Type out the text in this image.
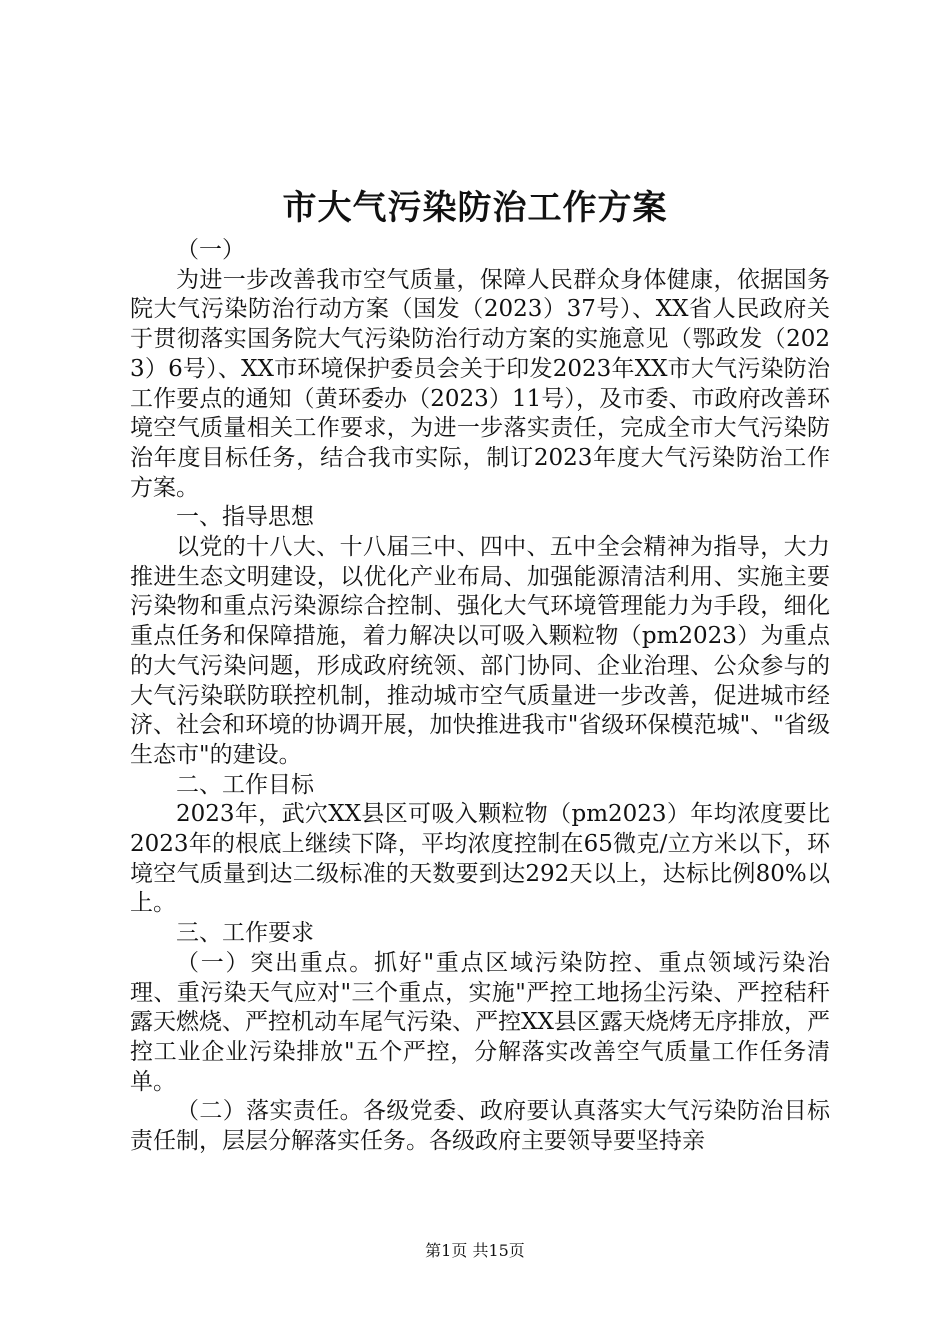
市大气污染防治工作方案

（一）

为进一步改善我市空气质量，保障人民群众身体健康，依据国务院大气污染防治行动方案（国发（2023）37号）、XX省人民政府关于贯彻落实国务院大气污染防治行动方案的实施意见（鄂政发（2023）6号）、XX市环境保护委员会关于印发2023年XX市大气污染防治工作要点的通知（黄环委办（2023）11号），及市委、市政府改善环境空气质量相关工作要求，为进一步落实责任，完成全市大气污染防治年度目标任务，结合我市实际，制订2023年度大气污染防治工作方案。

一、指导思想

以党的十八大、十八届三中、四中、五中全会精神为指导，大力推进生态文明建设，以优化产业布局、加强能源清洁利用、实施主要污染物和重点污染源综合控制、强化大气环境管理能力为手段，细化重点任务和保障措施，着力解决以可吸入颗粒物（pm2023）为重点的大气污染问题，形成政府统领、部门协同、企业治理、公众参与的大气污染联防联控机制，推动城市空气质量进一步改善，促进城市经济、社会和环境的协调开展，加快推进我市"省级环保模范城"、"省级生态市"的建设。

二、工作目标

2023年，武穴XX县区可吸入颗粒物（pm2023）年均浓度要比2023年的根底上继续下降，平均浓度控制在65微克/立方米以下，环境空气质量到达二级标准的天数要到达292天以上，达标比例80%以上。

三、工作要求

（一）突出重点。抓好"重点区域污染防控、重点领域污染治理、重污染天气应对"三个重点，实施"严控工地扬尘污染、严控秸秆露天燃烧、严控机动车尾气污染、严控XX县区露天烧烤无序排放，严控工业企业污染排放"五个严控，分解落实改善空气质量工作任务清单。

（二）落实责任。各级党委、政府要认真落实大气污染防治目标责任制，层层分解落实任务。各级政府主要领导要坚持亲

第1页 共15页
